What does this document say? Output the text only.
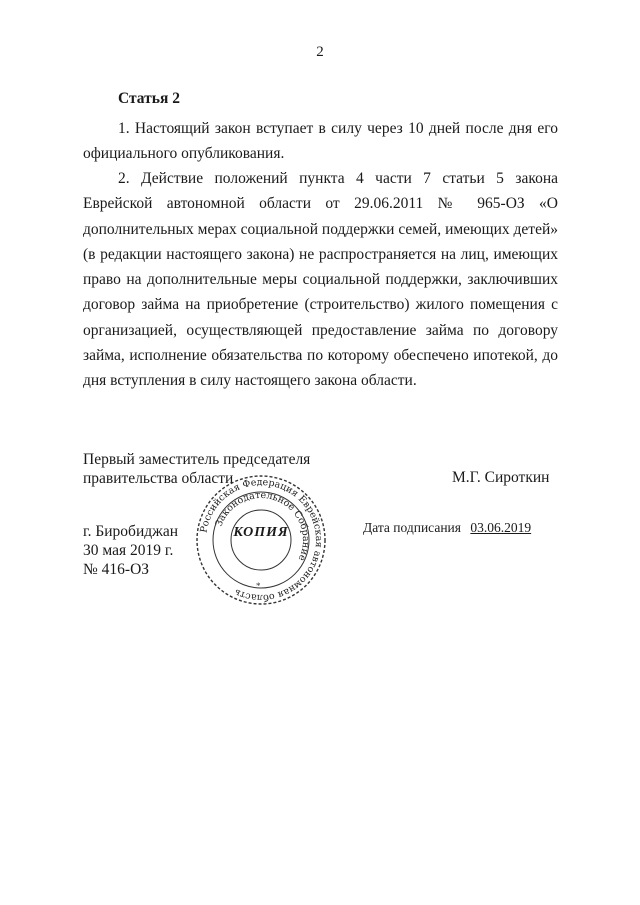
2
Статья 2
1. Настоящий закон вступает в силу через 10 дней после дня его официального опубликования.
2. Действие положений пункта 4 части 7 статьи 5 закона Еврейской автономной области от 29.06.2011 № 965-ОЗ «О дополнительных мерах социальной поддержки семей, имеющих детей» (в редакции настоящего закона) не распространяется на лиц, имеющих право на дополнительные меры социальной поддержки, заключивших договор займа на приобретение (строительство) жилого помещения с организацией, осуществляющей предоставление займа по договору займа, исполнение обязательства по которому обеспечено ипотекой, до дня вступления в силу настоящего закона области.
Первый заместитель председателя
правительства области	М.Г. Сироткин
г. Биробиджан
30 мая 2019 г.
№ 416-ОЗ
Дата подписания 03.06.2019
Российская Федерация Еврейская автономная область
Законодательное Собрание
КОПИЯ
*
